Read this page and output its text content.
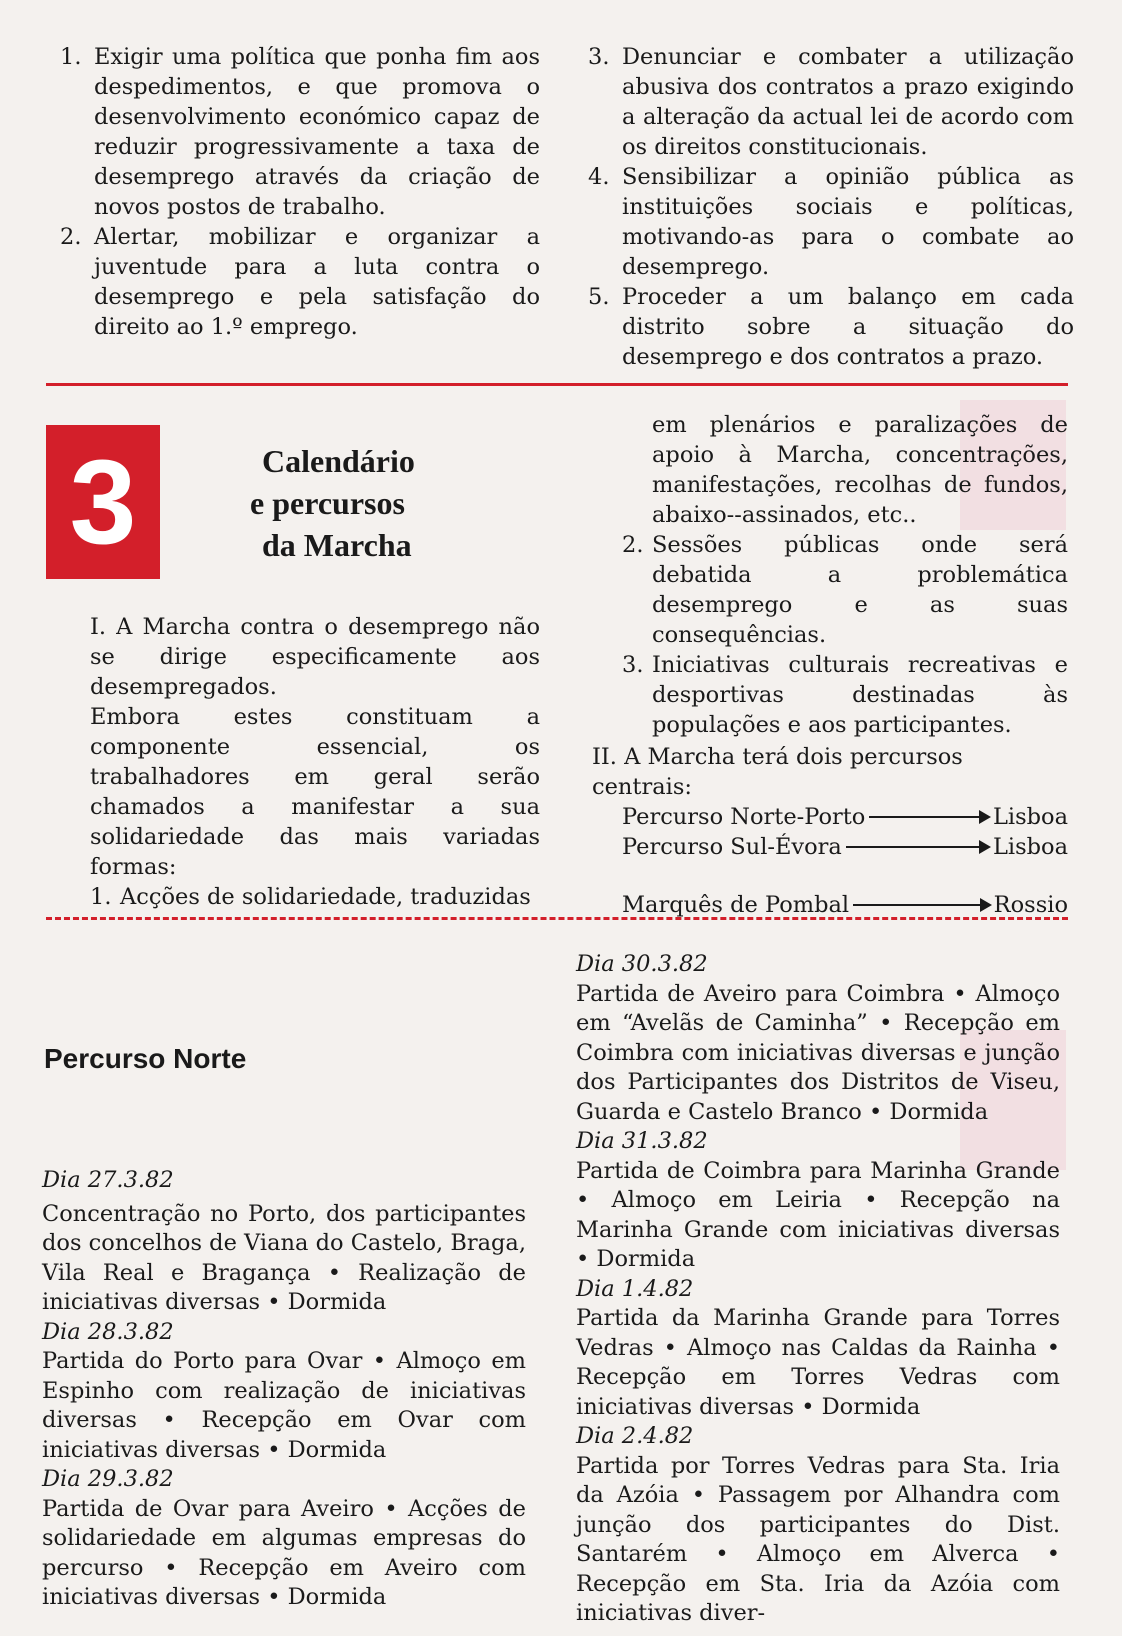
1. Exigir uma política que ponha fim aos despedimentos, e que promova o desenvolvimento económico capaz de reduzir progressivamente a taxa de desemprego através da criação de novos postos de trabalho.
2. Alertar, mobilizar e organizar a juventude para a luta contra o desemprego e pela satisfação do direito ao 1.º emprego.
3. Denunciar e combater a utilização abusiva dos contratos a prazo exigindo a alteração da actual lei de acordo com os direitos constitucionais.
4. Sensibilizar a opinião pública as instituições sociais e políticas, motivando-as para o combate ao desemprego.
5. Proceder a um balanço em cada distrito sobre a situação do desemprego e dos contratos a prazo.
3	Calendário
e percursos
da Marcha
I. A Marcha contra o desemprego não se dirige especificamente aos desempregados.
Embora estes constituam a componente essencial, os trabalhadores em geral serão chamados a manifestar a sua solidariedade das mais variadas formas:
1. Acções de solidariedade, traduzidas
em plenários e paralizações de apoio à Marcha, concentrações, manifestações, recolhas de fundos, abaixo--assinados, etc..
2. Sessões públicas onde será debatida a problemática desemprego e as suas consequências.
3. Iniciativas culturais recreativas e desportivas destinadas às populações e aos participantes.
II. A Marcha terá dois percursos centrais:
Percurso Norte-Porto	Lisboa
Percurso Sul-Évora	Lisboa
Marquês de Pombal	Rossio
Percurso Norte
Dia 27.3.82
Concentração no Porto, dos participantes dos concelhos de Viana do Castelo, Braga, Vila Real e Bragança • Realização de iniciativas diversas • Dormida
Dia 28.3.82
Partida do Porto para Ovar • Almoço em Espinho com realização de iniciativas diversas • Recepção em Ovar com iniciativas diversas • Dormida
Dia 29.3.82
Partida de Ovar para Aveiro • Acções de solidariedade em algumas empresas do percurso • Recepção em Aveiro com iniciativas diversas • Dormida
Dia 30.3.82
Partida de Aveiro para Coimbra • Almoço em “Avelãs de Caminha” • Recepção em Coimbra com iniciativas diversas e junção dos Participantes dos Distritos de Viseu, Guarda e Castelo Branco • Dormida
Dia 31.3.82
Partida de Coimbra para Marinha Grande • Almoço em Leiria • Recepção na Marinha Grande com iniciativas diversas • Dormida
Dia 1.4.82
Partida da Marinha Grande para Torres Vedras • Almoço nas Caldas da Rainha • Recepção em Torres Vedras com iniciativas diversas • Dormida
Dia 2.4.82
Partida por Torres Vedras para Sta. Iria da Azóia • Passagem por Alhandra com junção dos participantes do Dist. Santarém • Almoço em Alverca • Recepção em Sta. Iria da Azóia com iniciativas diver-
